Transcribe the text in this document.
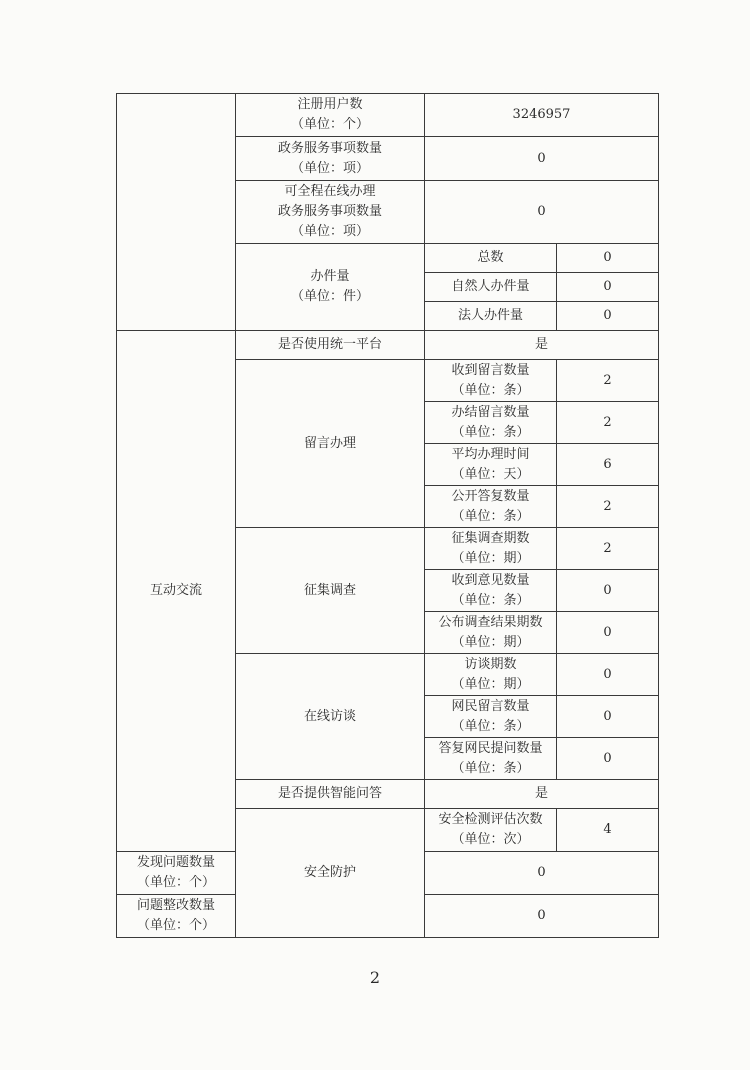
	注册用户数
（单位：个）	3246957	

	政务服务事项数量
（单位：项）	0	

	可全程在线办理
政务服务事项数量
（单位：项）	0	

	办件量
（单位：件）	总数	0
		自然人办件量	0
		法人办件量	0
互动交流	是否使用统一平台	是	
	留言办理	收到留言数量
（单位：条）	2

		办结留言数量
（单位：条）	2

		平均办理时间
（单位：天）	6

		公开答复数量
（单位：条）	2
	征集调查	征集调查期数
（单位：期）	2

		收到意见数量
（单位：条）	0

		公布调查结果期数
（单位：期）	0
	在线访谈	访谈期数
（单位：期）	0

		网民留言数量
（单位：条）	0

		答复网民提问数量
（单位：条）	0
	是否提供智能问答	是	
	安全防护	安全检测评估次数
（单位：次）	4

发现问题数量
（单位：个）		0	

问题整改数量
（单位：个）		0	
2
